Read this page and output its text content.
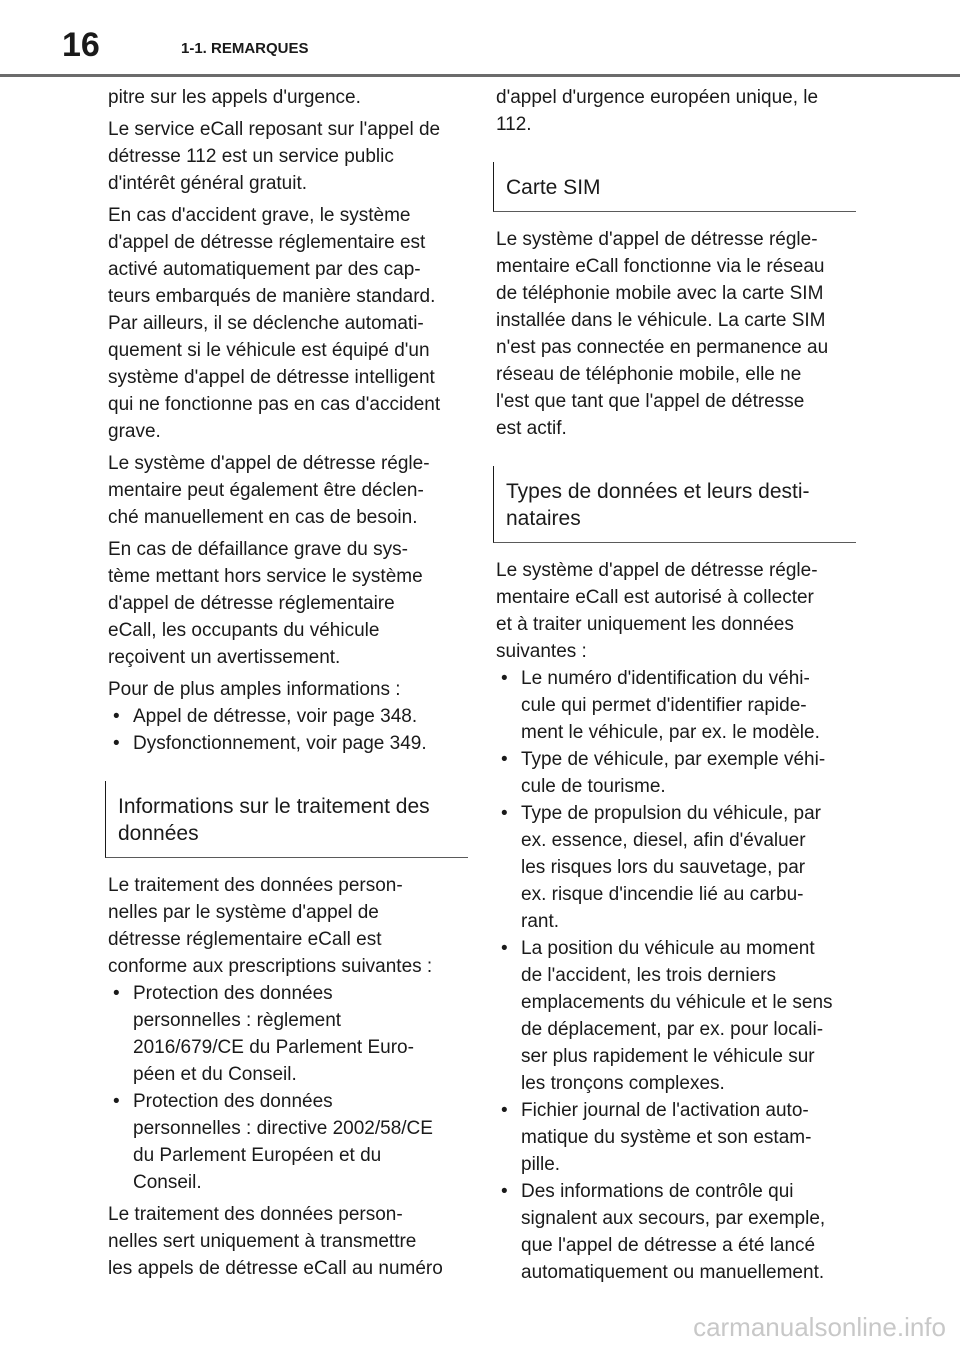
16	1-1. REMARQUES

pitre sur les appels d'urgence.

Le service eCall reposant sur l'appel de
détresse 112 est un service public
d'intérêt général gratuit.

En cas d'accident grave, le système
d'appel de détresse réglementaire est
activé automatiquement par des cap-
teurs embarqués de manière standard.
Par ailleurs, il se déclenche automati-
quement si le véhicule est équipé d'un
système d'appel de détresse intelligent
qui ne fonctionne pas en cas d'accident
grave.

Le système d'appel de détresse régle-
mentaire peut également être déclen-
ché manuellement en cas de besoin.

En cas de défaillance grave du sys-
tème mettant hors service le système
d'appel de détresse réglementaire
eCall, les occupants du véhicule
reçoivent un avertissement.

Pour de plus amples informations :

• Appel de détresse, voir page 348.
• Dysfonctionnement, voir page 349.
Informations sur le traitement des
données

Le traitement des données person-
nelles par le système d'appel de
détresse réglementaire eCall est
conforme aux prescriptions suivantes :

• Protection des données
personnelles : règlement
2016/679/CE du Parlement Euro-
péen et du Conseil.
• Protection des données
personnelles : directive 2002/58/CE
du Parlement Européen et du
Conseil.

Le traitement des données person-
nelles sert uniquement à transmettre
les appels de détresse eCall au numéro

d'appel d'urgence européen unique, le
112.

Carte SIM

Le système d'appel de détresse régle-
mentaire eCall fonctionne via le réseau
de téléphonie mobile avec la carte SIM
installée dans le véhicule. La carte SIM
n'est pas connectée en permanence au
réseau de téléphonie mobile, elle ne
l'est que tant que l'appel de détresse
est actif.

Types de données et leurs desti-
nataires

Le système d'appel de détresse régle-
mentaire eCall est autorisé à collecter
et à traiter uniquement les données
suivantes :

• Le numéro d'identification du véhi-
cule qui permet d'identifier rapide-
ment le véhicule, par ex. le modèle.
• Type de véhicule, par exemple véhi-
cule de tourisme.
• Type de propulsion du véhicule, par
ex. essence, diesel, afin d'évaluer
les risques lors du sauvetage, par
ex. risque d'incendie lié au carbu-
rant.
• La position du véhicule au moment
de l'accident, les trois derniers
emplacements du véhicule et le sens
de déplacement, par ex. pour locali-
ser plus rapidement le véhicule sur
les tronçons complexes.
• Fichier journal de l'activation auto-
matique du système et son estam-
pille.
• Des informations de contrôle qui
signalent aux secours, par exemple,
que l'appel de détresse a été lancé
automatiquement ou manuellement.
carmanualsonline.info
